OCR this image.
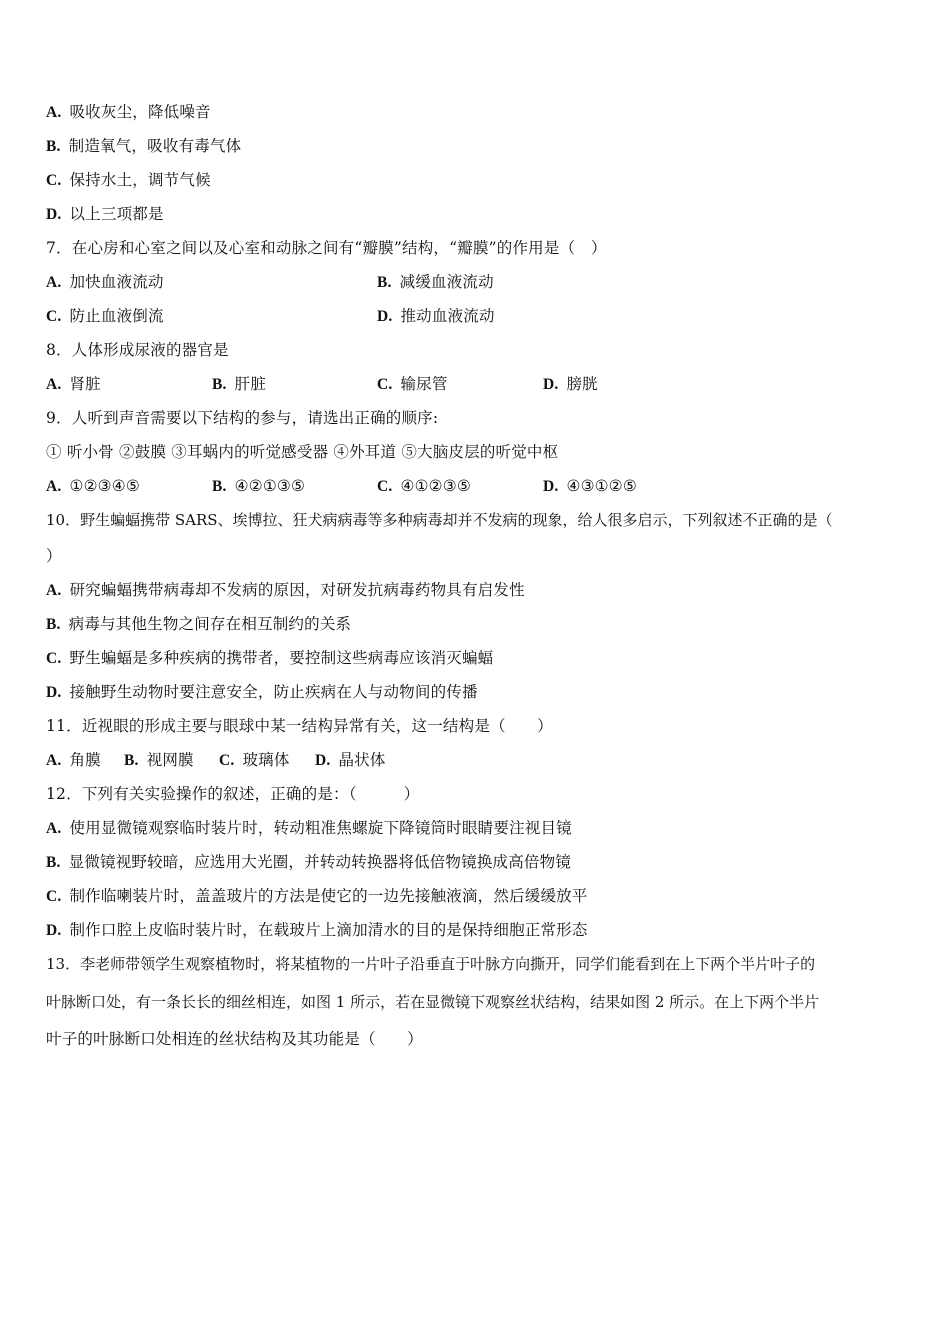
A. 吸收灰尘，降低噪音
B. 制造氧气，吸收有毒气体
C. 保持水土，调节气候
D. 以上三项都是
7．在心房和心室之间以及心室和动脉之间有“瓣膜”结构，“瓣膜”的作用是（　）
A. 加快血液流动	B. 减缓血液流动
C. 防止血液倒流	D. 推动血液流动
8．人体形成尿液的器官是
A. 肾脏	B. 肝脏	C. 输尿管	D. 膀胱
9．人听到声音需要以下结构的参与，请选出正确的顺序:
① 听小骨 ②鼓膜 ③耳蜗内的听觉感受器 ④外耳道 ⑤大脑皮层的听觉中枢
A. ①②③④⑤	B. ④②①③⑤	C. ④①②③⑤	D. ④③①②⑤
10．野生蝙蝠携带 SARS、埃博拉、狂犬病病毒等多种病毒却并不发病的现象，给人很多启示，下列叙述不正确的是（
）
A. 研究蝙蝠携带病毒却不发病的原因，对研发抗病毒药物具有启发性
B. 病毒与其他生物之间存在相互制约的关系
C. 野生蝙蝠是多种疾病的携带者，要控制这些病毒应该消灭蝙蝠
D. 接触野生动物时要注意安全，防止疾病在人与动物间的传播
11．近视眼的形成主要与眼球中某一结构异常有关，这一结构是（　　）
A. 角膜 B. 视网膜 C. 玻璃体 D. 晶状体
12．下列有关实验操作的叙述，正确的是：（　　　）
A. 使用显微镜观察临时装片时，转动粗准焦螺旋下降镜筒时眼睛要注视目镜
B. 显微镜视野较暗，应选用大光圈，并转动转换器将低倍物镜换成高倍物镜
C. 制作临喇装片时，盖盖玻片的方法是使它的一边先接触液滴，然后缓缓放平
D. 制作口腔上皮临时装片时，在载玻片上滴加清水的目的是保持细胞正常形态
13．李老师带领学生观察植物时，将某植物的一片叶子沿垂直于叶脉方向撕开，同学们能看到在上下两个半片叶子的
叶脉断口处，有一条长长的细丝相连，如图 1 所示，若在显微镜下观察丝状结构，结果如图 2 所示。在上下两个半片
叶子的叶脉断口处相连的丝状结构及其功能是（　　）
